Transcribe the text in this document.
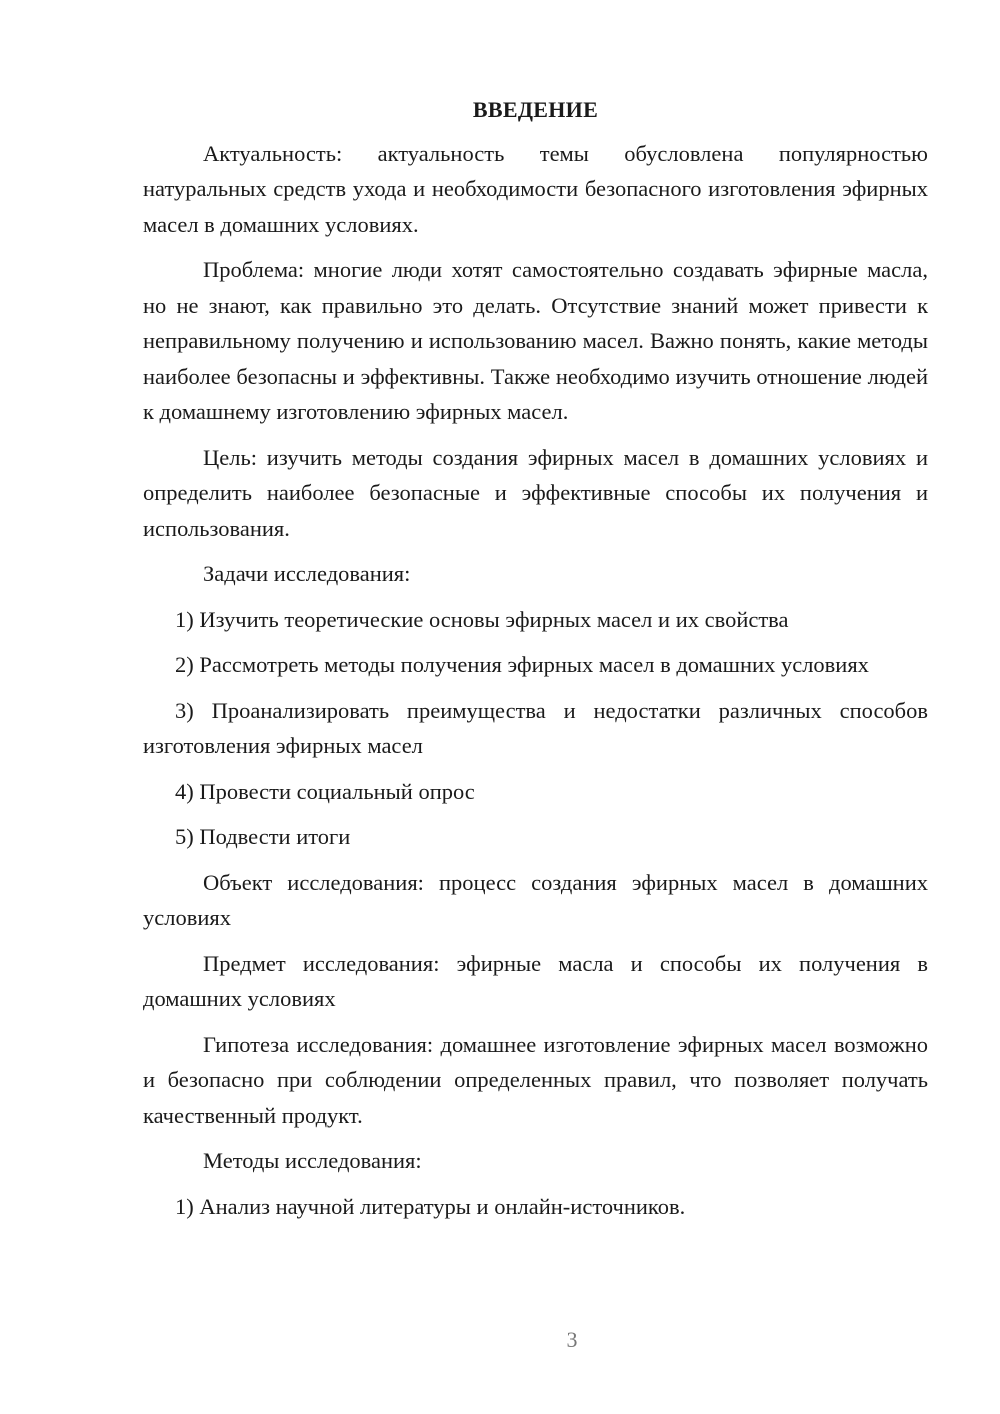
ВВЕДЕНИЕ

Актуальность: актуальность темы обусловлена популярностью натуральных средств ухода и необходимости безопасного изготовления эфирных масел в домашних условиях.

Проблема: многие люди хотят самостоятельно создавать эфирные масла, но не знают, как правильно это делать. Отсутствие знаний может привести к неправильному получению и использованию масел. Важно понять, какие методы наиболее безопасны и эффективны. Также необходимо изучить отношение людей к домашнему изготовлению эфирных масел.

Цель: изучить методы создания эфирных масел в домашних условиях и определить наиболее безопасные и эффективные способы их получения и использования.

Задачи исследования:

1) Изучить теоретические основы эфирных масел и их свойства

2) Рассмотреть методы получения эфирных масел в домашних условиях

3) Проанализировать преимущества и недостатки различных способов изготовления эфирных масел

4) Провести социальный опрос

5) Подвести итоги

Объект исследования: процесс создания эфирных масел в домашних условиях

Предмет исследования: эфирные масла и способы их получения в домашних условиях

Гипотеза исследования: домашнее изготовление эфирных масел возможно и безопасно при соблюдении определенных правил, что позволяет получать качественный продукт.

Методы исследования:

1) Анализ научной литературы и онлайн-источников.

3
